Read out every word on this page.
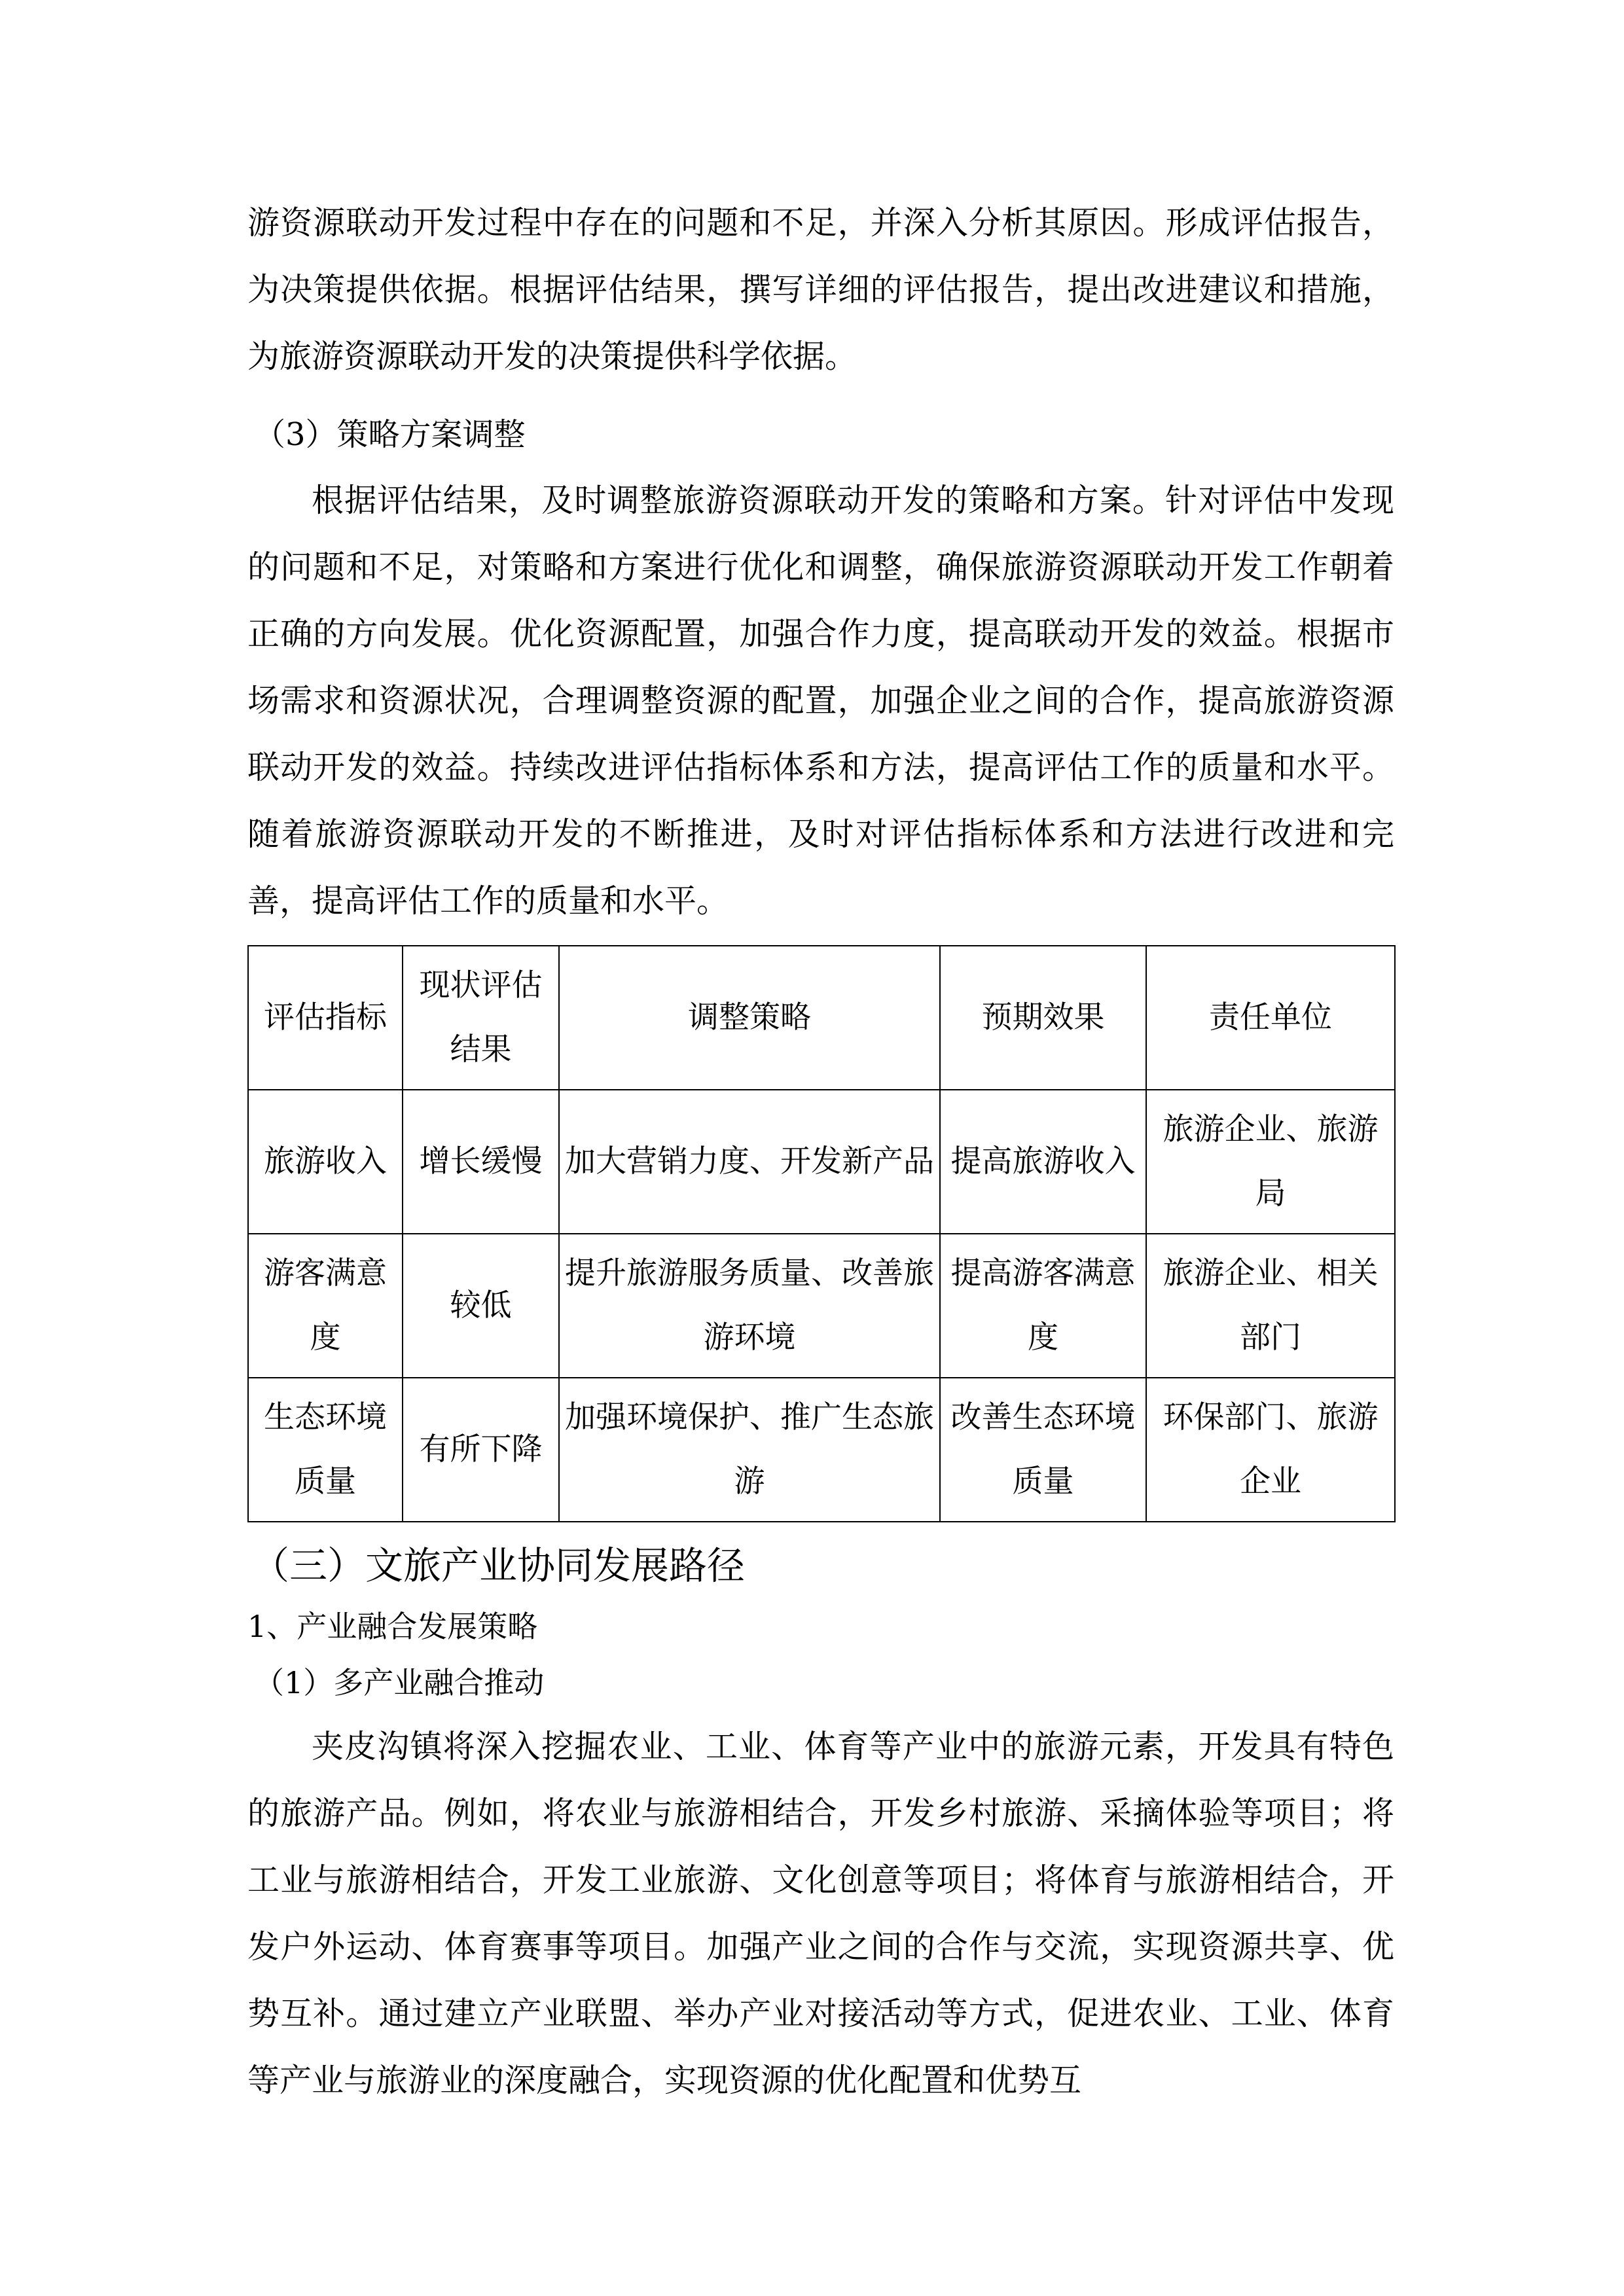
游资源联动开发过程中存在的问题和不足，并深入分析其原因。形成评估报告，为决策提供依据。根据评估结果，撰写详细的评估报告，提出改进建议和措施，为旅游资源联动开发的决策提供科学依据。

（3）策略方案调整

根据评估结果，及时调整旅游资源联动开发的策略和方案。针对评估中发现的问题和不足，对策略和方案进行优化和调整，确保旅游资源联动开发工作朝着正确的方向发展。优化资源配置，加强合作力度，提高联动开发的效益。根据市场需求和资源状况，合理调整资源的配置，加强企业之间的合作，提高旅游资源联动开发的效益。持续改进评估指标体系和方法，提高评估工作的质量和水平。随着旅游资源联动开发的不断推进，及时对评估指标体系和方法进行改进和完善，提高评估工作的质量和水平。

评估指标	现状评估结果	调整策略	预期效果	责任单位
旅游收入	增长缓慢	加大营销力度、开发新产品	提高旅游收入	旅游企业、旅游局
游客满意度	较低	提升旅游服务质量、改善旅游环境	提高游客满意度	旅游企业、相关部门
生态环境质量	有所下降	加强环境保护、推广生态旅游	改善生态环境质量	环保部门、旅游企业
（三）文旅产业协同发展路径
1、产业融合发展策略
（1）多产业融合推动

夹皮沟镇将深入挖掘农业、工业、体育等产业中的旅游元素，开发具有特色的旅游产品。例如，将农业与旅游相结合，开发乡村旅游、采摘体验等项目；将工业与旅游相结合，开发工业旅游、文化创意等项目；将体育与旅游相结合，开发户外运动、体育赛事等项目。加强产业之间的合作与交流，实现资源共享、优势互补。通过建立产业联盟、举办产业对接活动等方式，促进农业、工业、体育等产业与旅游业的深度融合，实现资源的优化配置和优势互
